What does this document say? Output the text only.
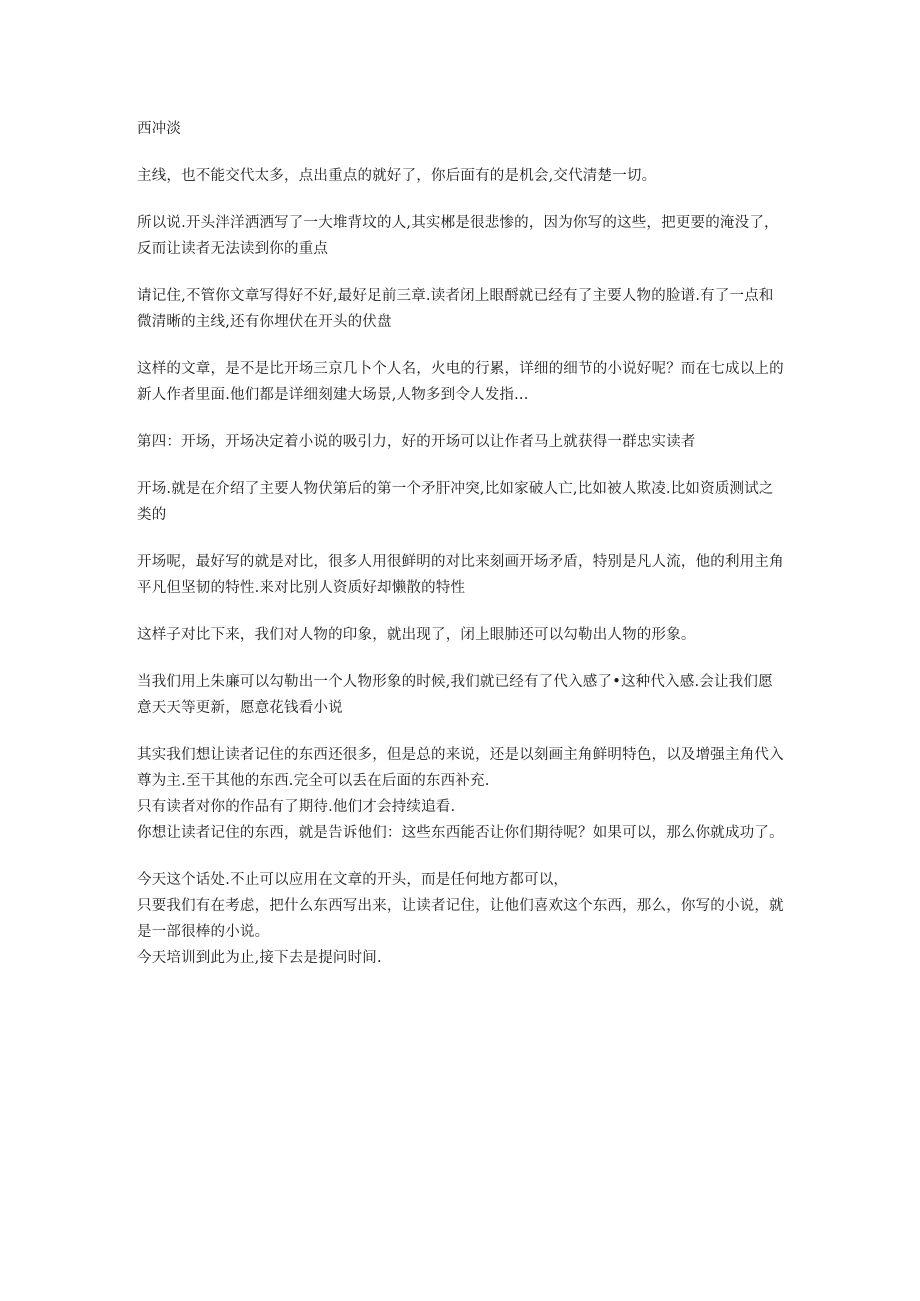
西冲淡

主线，也不能交代太多，点出重点的就好了，你后面有的是机会,交代清楚一切。

所以说.开头泮洋洒洒写了一大堆背坟的人,其实郴是很悲惨的，因为你写的这些，把更要的淹没了，反而让读者无法读到你的重点

请记住,不管你文章写得好不好,最好足前三章.读者闭上眼酹就已经有了主要人物的脸谱.有了一点和微清晰的主线,还有你埋伏在开头的伏盘

这样的文章，是不是比开场三京几卜个人名，火电的行累，详细的细节的小说好呢？而在七成以上的新人作者里面.他们都是详细刻建大场景,人物多到令人发指...

第四：开场，开场决定着小说的吸引力，好的开场可以让作者马上就获得一群忠实读者

开场.就是在介绍了主要人物伏第后的第一个矛肝冲突,比如家破人亡,比如被人欺凌.比如资质测试之类的

开场呢，最好写的就是对比，很多人用很鲜明的对比来刻画开场矛盾，特别是凡人流，他的利用主角平凡但坚韧的特性.来对比别人资质好却懒散的特性

这样子对比下来，我们对人物的印象，就出现了，闭上眼肺还可以勾勒出人物的形象。

当我们用上朱廉可以勾勒出一个人物形象的时候,我们就已经有了代入感了•这种代入感.会让我们愿意天天等更新，愿意花钱看小说

其实我们想让读者记住的东西还很多，但是总的来说，还是以刻画主角鲜明特色，以及增强主角代入尊为主.至干其他的东西.完全可以丢在后面的东西补充.

只有读者对你的作品有了期待.他们才会持续追看.

你想让读者记住的东西，就是告诉他们：这些东西能否让你们期待呢？如果可以，那么你就成功了。

今天这个话处.不止可以应用在文章的开头，而是任何地方都可以，

只要我们有在考虑，把什么东西写出来，让读者记住，让他们喜欢这个东西，那么，你写的小说，就是一部很棒的小说。

今天培训到此为止,接下去是提问时间.
